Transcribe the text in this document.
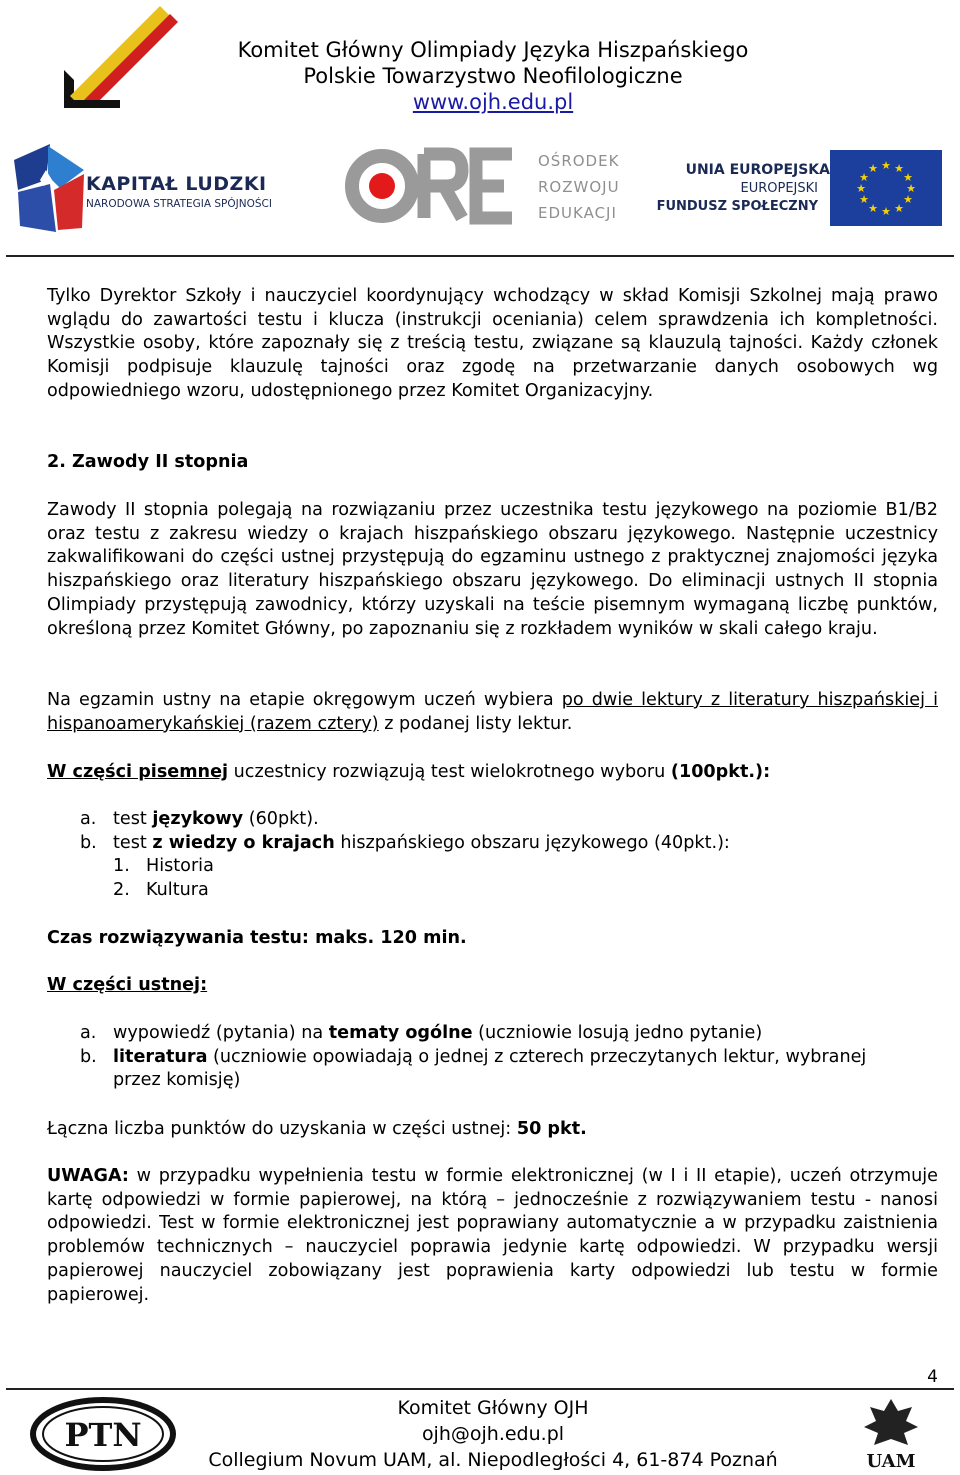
Komitet Główny Olimpiady Języka Hiszpańskiego
Polskie Towarzystwo Neofilologiczne
www.ojh.edu.pl
KAPITAŁ LUDZKI
NARODOWA STRATEGIA SPÓJNOŚCI
OŚRODEK
ROZWOJU
EDUKACJI
UNIA EUROPEJSKA
EUROPEJSKI
FUNDUSZ SPOŁECZNY
★ ★
★
★
★
★
★
★
★
★
★
★

Tylko Dyrektor Szkoły i nauczyciel koordynujący wchodzący w skład Komisji Szkolnej mają prawo wglądu do zawartości testu i klucza (instrukcji oceniania) celem sprawdzenia ich kompletności. Wszystkie osoby, które zapoznały się z treścią testu, związane są klauzulą tajności. Każdy członek Komisji podpisuje klauzulę tajności oraz zgodę na przetwarzanie danych osobowych wg odpowiedniego wzoru, udostępnionego przez Komitet Organizacyjny.

2. Zawody II stopnia

Zawody II stopnia polegają na rozwiązaniu przez uczestnika testu językowego na poziomie B1/B2 oraz testu z zakresu wiedzy o krajach hiszpańskiego obszaru językowego. Następnie uczestnicy zakwalifikowani do części ustnej przystępują do egzaminu ustnego z praktycznej znajomości języka hiszpańskiego oraz literatury hiszpańskiego obszaru językowego. Do eliminacji ustnych II stopnia Olimpiady przystępują zawodnicy, którzy uzyskali na teście pisemnym wymaganą liczbę punktów, określoną przez Komitet Główny, po zapoznaniu się z rozkładem wyników w skali całego kraju.

Na egzamin ustny na etapie okręgowym uczeń wybiera po dwie lektury z literatury hiszpańskiej i hispanoamerykańskiej (razem cztery) z podanej listy lektur.

W części pisemnej uczestnicy rozwiązują test wielokrotnego wyboru (100pkt.):

a. test językowy (60pkt).
b. test z wiedzy o krajach hiszpańskiego obszaru językowego (40pkt.):
1. Historia
2. Kultura
Czas rozwiązywania testu: maks. 120 min.
W części ustnej:
a. wypowiedź (pytania) na tematy ogólne (uczniowie losują jedno pytanie)
b. literatura (uczniowie opowiadają o jednej z czterech przeczytanych lektur, wybranej
przez komisję)

Łączna liczba punktów do uzyskania w części ustnej: 50 pkt.

UWAGA: w przypadku wypełnienia testu w formie elektronicznej (w I i II etapie), uczeń otrzymuje kartę odpowiedzi w formie papierowej, na którą – jednocześnie z rozwiązywaniem testu - nanosi odpowiedzi. Test w formie elektronicznej jest poprawiany automatycznie a w przypadku zaistnienia problemów technicznych – nauczyciel poprawia jedynie kartę odpowiedzi. W przypadku wersji papierowej nauczyciel zobowiązany jest poprawienia karty odpowiedzi lub testu w formie papierowej.

4
PTN
Komitet Główny OJH
ojh@ojh.edu.pl
Collegium Novum UAM, al. Niepodległości 4, 61-874 Poznań	UAM
